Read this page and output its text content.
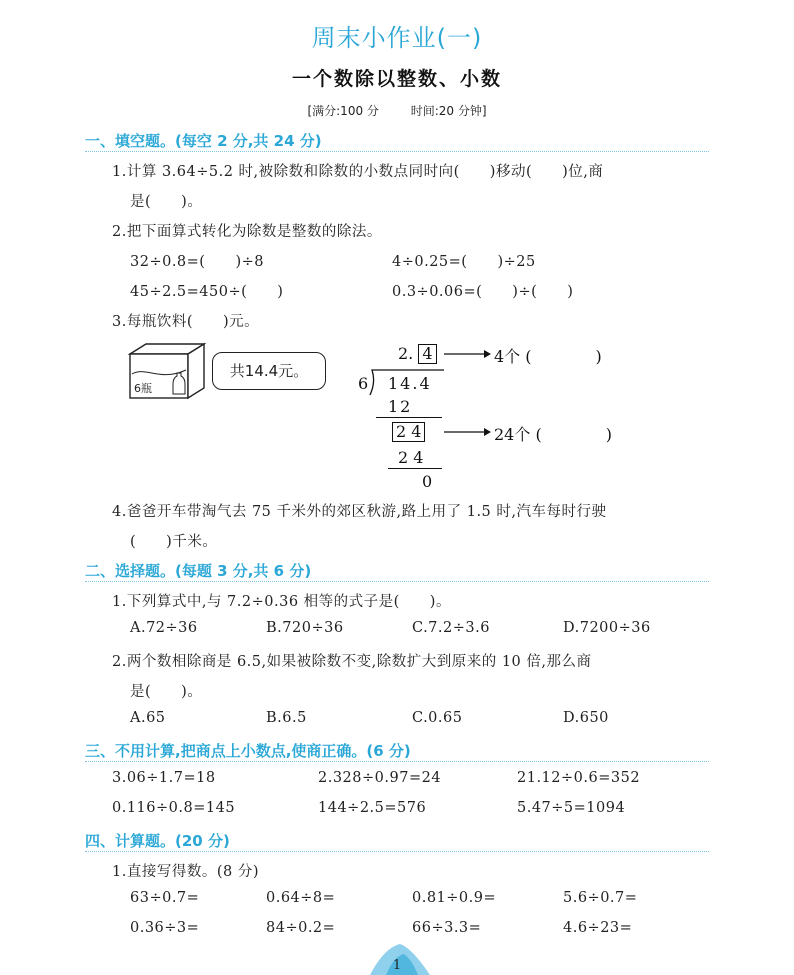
周末小作业(一)
一个数除以整数、小数
[满分:100 分	时间:20 分钟]
一、填空题。(每空 2 分,共 24 分)
1.计算 3.64÷5.2 时,被除数和除数的小数点同时向(　　)移动(　　)位,商
是(　　)。
2.把下面算式转化为除数是整数的除法。
32÷0.8=(　　)÷8	4÷0.25=(　　)÷25
45÷2.5=450÷(　　)	0.3÷0.06=(　　)÷(　　)
3.每瓶饮料(　　)元。
6瓶
共14.4元。
2. 4	4个 (　　　　)
6 14.4
12
2 4	24个 (　　　　)
2 4
0
4.爸爸开车带淘气去 75 千米外的郊区秋游,路上用了 1.5 时,汽车每时行驶
(　　)千米。
二、选择题。(每题 3 分,共 6 分)
1.下列算式中,与 7.2÷0.36 相等的式子是(　　)。
A.72÷36	B.720÷36	C.7.2÷3.6	D.7200÷36
2.两个数相除商是 6.5,如果被除数不变,除数扩大到原来的 10 倍,那么商
是(　　)。
A.65	B.6.5	C.0.65	D.650
三、不用计算,把商点上小数点,使商正确。(6 分)
3.06÷1.7=18	2.328÷0.97=24	21.12÷0.6=352
0.116÷0.8=145	144÷2.5=576	5.47÷5=1094
四、计算题。(20 分)
1.直接写得数。(8 分)
63÷0.7=	0.64÷8=	0.81÷0.9=	5.6÷0.7=
0.36÷3=	84÷0.2=	66÷3.3=	4.6÷23=
1
